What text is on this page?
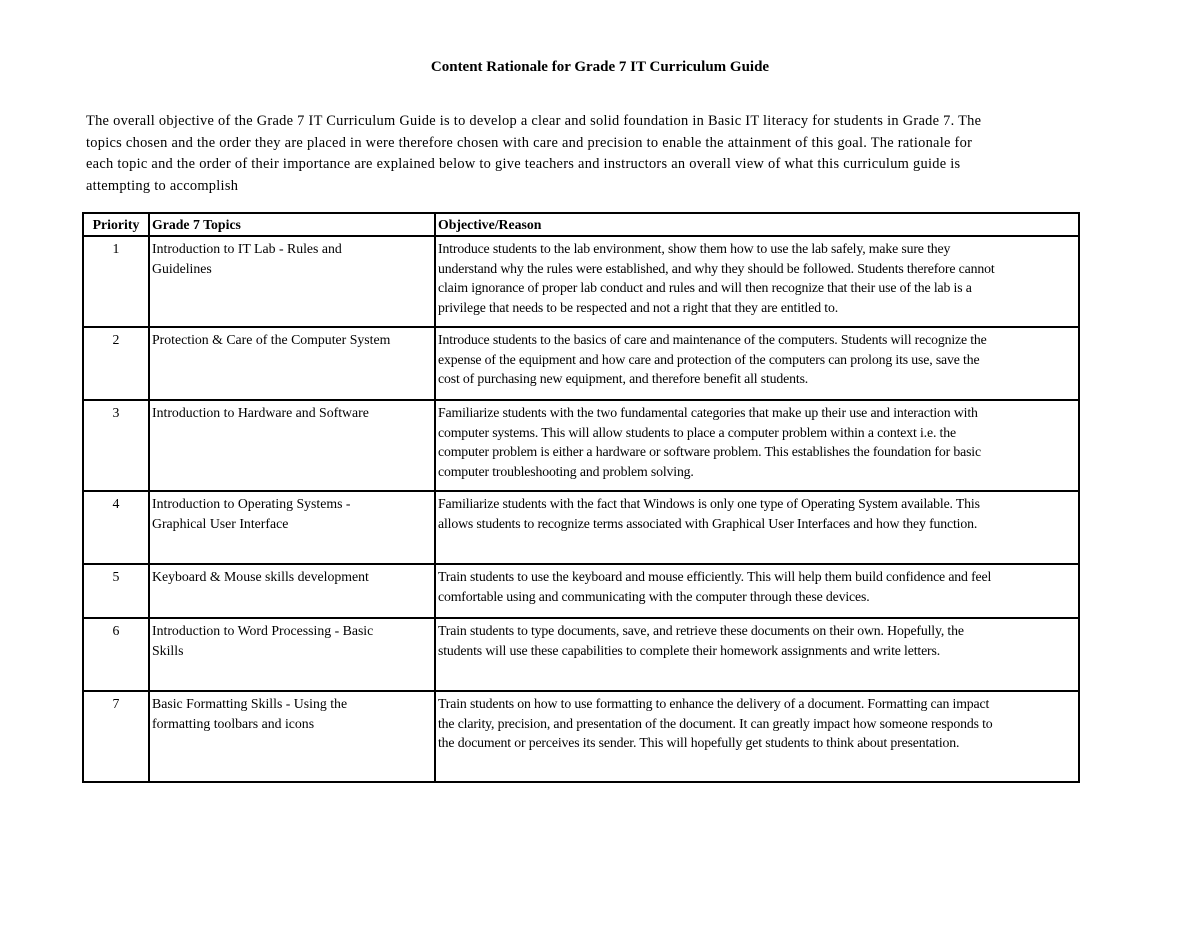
Content Rationale for Grade 7 IT Curriculum Guide
The overall objective of the Grade 7 IT Curriculum Guide is to develop a clear and solid foundation in Basic IT literacy for students in Grade 7. The
topics chosen and the order they are placed in were therefore chosen with care and precision to enable the attainment of this goal. The rationale for
each topic and the order of their importance are explained below to give teachers and instructors an overall view of what this curriculum guide is
attempting to accomplish
Priority	Grade 7 Topics	Objective/Reason
1	Introduction to IT Lab - Rules and
Guidelines	Introduce students to the lab environment, show them how to use the lab safely, make sure they
understand why the rules were established, and why they should be followed. Students therefore cannot
claim ignorance of proper lab conduct and rules and will then recognize that their use of the lab is a
privilege that needs to be respected and not a right that they are entitled to.

2	Protection & Care of the Computer System	Introduce students to the basics of care and maintenance of the computers. Students will recognize the
expense of the equipment and how care and protection of the computers can prolong its use, save the
cost of purchasing new equipment, and therefore benefit all students.

3	Introduction to Hardware and Software	Familiarize students with the two fundamental categories that make up their use and interaction with
computer systems. This will allow students to place a computer problem within a context i.e. the
computer problem is either a hardware or software problem. This establishes the foundation for basic
computer troubleshooting and problem solving.

4	Introduction to Operating Systems -
Graphical User Interface	Familiarize students with the fact that Windows is only one type of Operating System available. This
allows students to recognize terms associated with Graphical User Interfaces and how they function.

5	Keyboard & Mouse skills development	Train students to use the keyboard and mouse efficiently. This will help them build confidence and feel
comfortable using and communicating with the computer through these devices.

6	Introduction to Word Processing - Basic
Skills	Train students to type documents, save, and retrieve these documents on their own. Hopefully, the
students will use these capabilities to complete their homework assignments and write letters.

7	Basic Formatting Skills - Using the
formatting toolbars and icons	Train students on how to use formatting to enhance the delivery of a document. Formatting can impact
the clarity, precision, and presentation of the document. It can greatly impact how someone responds to
the document or perceives its sender. This will hopefully get students to think about presentation.
